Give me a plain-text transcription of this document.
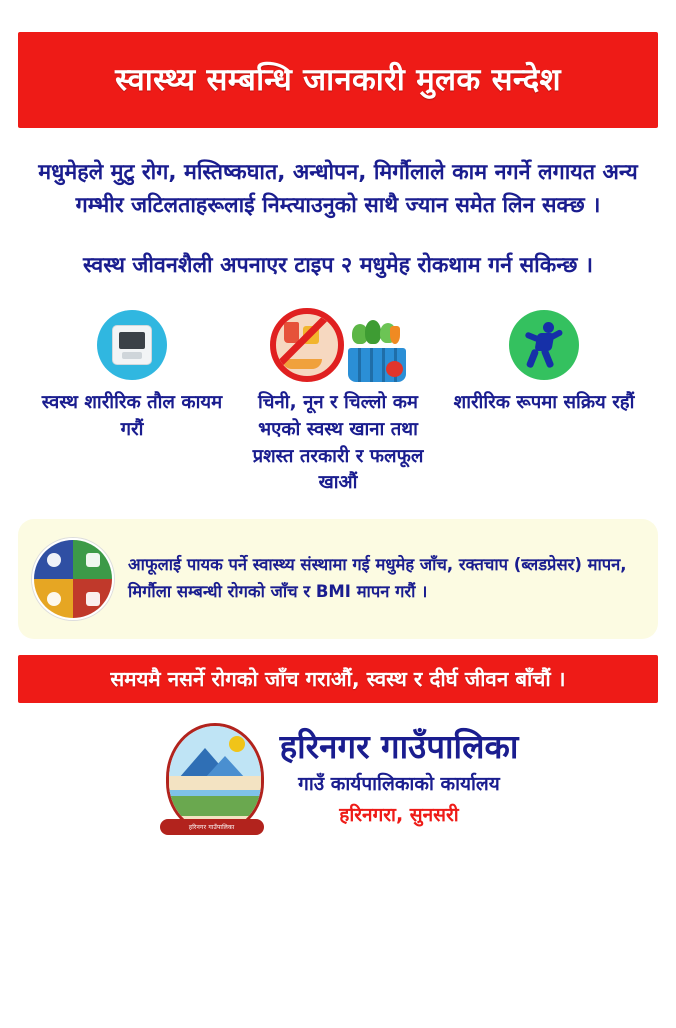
स्वास्थ्य सम्बन्धि जानकारी मुलक सन्देश
मधुमेहले मुटु रोग, मस्तिष्कघात, अन्धोपन, मिर्गौलाले काम नगर्ने लगायत अन्य गम्भीर जटिलताहरूलाई निम्त्याउनुको साथै ज्यान समेत लिन सक्छ ।
स्वस्थ जीवनशैली अपनाएर टाइप २ मधुमेह रोकथाम गर्न सकिन्छ ।
स्वस्थ शारीरिक तौल कायम गरौं
चिनी, नून र चिल्लो कम भएको स्वस्थ खाना तथा प्रशस्त तरकारी र फलफूल खाऔं
शारीरिक रूपमा सक्रिय रहौं
आफूलाई पायक पर्ने स्वास्थ्य संस्थामा गई मधुमेह जाँच, रक्तचाप (ब्लडप्रेसर) मापन, मिर्गौला सम्बन्धी रोगको जाँच र BMI मापन गरौं ।
समयमै नसर्ने रोगको जाँच गराऔं, स्वस्थ र दीर्घ जीवन बाँचौं ।
हरिनगर गाउँपालिका
हरिनगर गाउँपालिका
गाउँ कार्यपालिकाको कार्यालय
हरिनगरा, सुनसरी
